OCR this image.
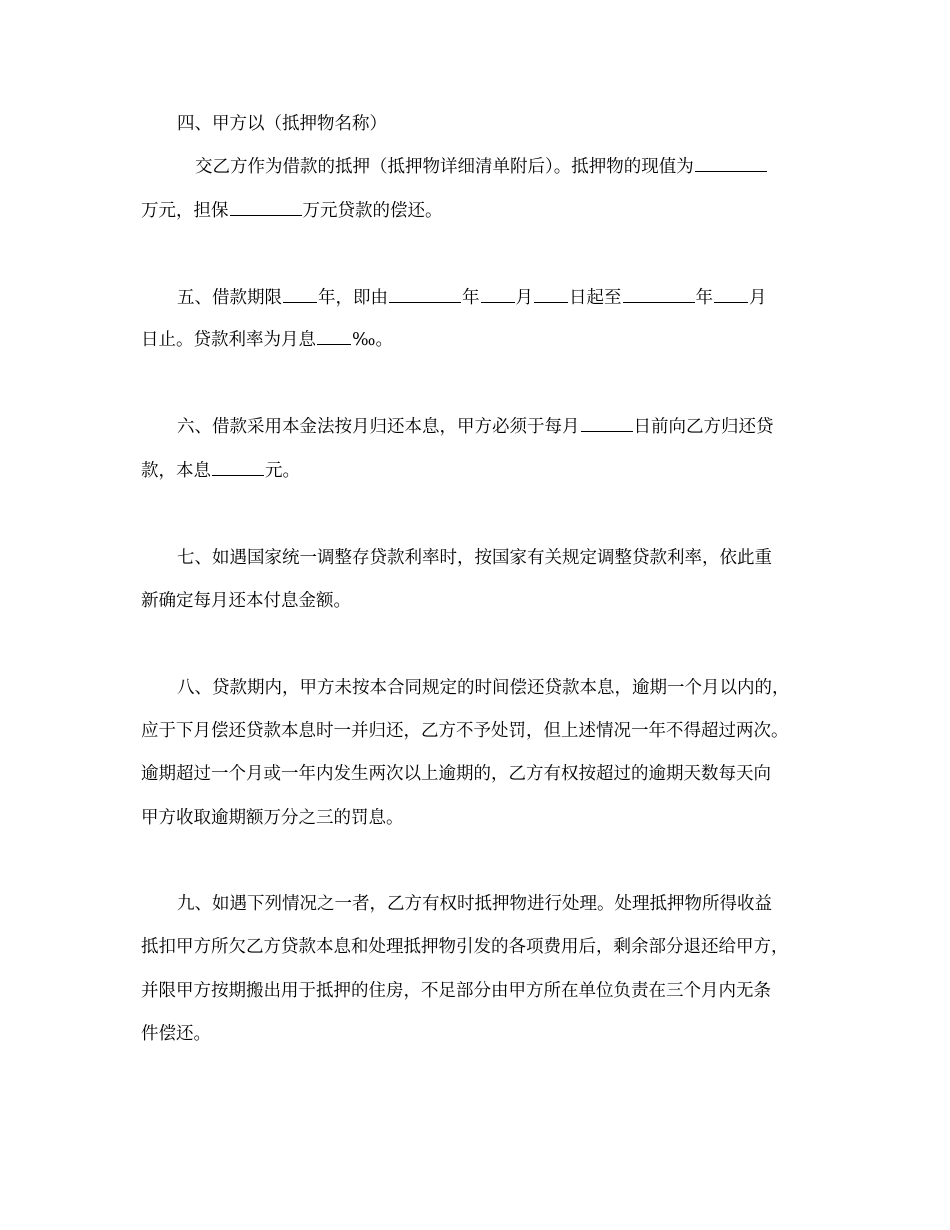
四、甲方以（抵押物名称）
交乙方作为借款的抵押（抵押物详细清单附后）。抵押物的现值为
万元，担保	万元贷款的偿还。
五、借款期限 年，即由	年 月 日起至	年 月
日止。贷款利率为月息 ‰。
六、借款采用本金法按月归还本息，甲方必须于每月	日前向乙方归还贷
款，本息	元。
七、如遇国家统一调整存贷款利率时，按国家有关规定调整贷款利率，依此重
新确定每月还本付息金额。
八、贷款期内，甲方未按本合同规定的时间偿还贷款本息，逾期一个月以内的，
应于下月偿还贷款本息时一并归还，乙方不予处罚，但上述情况一年不得超过两次。
逾期超过一个月或一年内发生两次以上逾期的，乙方有权按超过的逾期天数每天向
甲方收取逾期额万分之三的罚息。
九、如遇下列情况之一者，乙方有权时抵押物进行处理。处理抵押物所得收益
抵扣甲方所欠乙方贷款本息和处理抵押物引发的各项费用后，剩余部分退还给甲方，
并限甲方按期搬出用于抵押的住房，不足部分由甲方所在单位负责在三个月内无条
件偿还。
